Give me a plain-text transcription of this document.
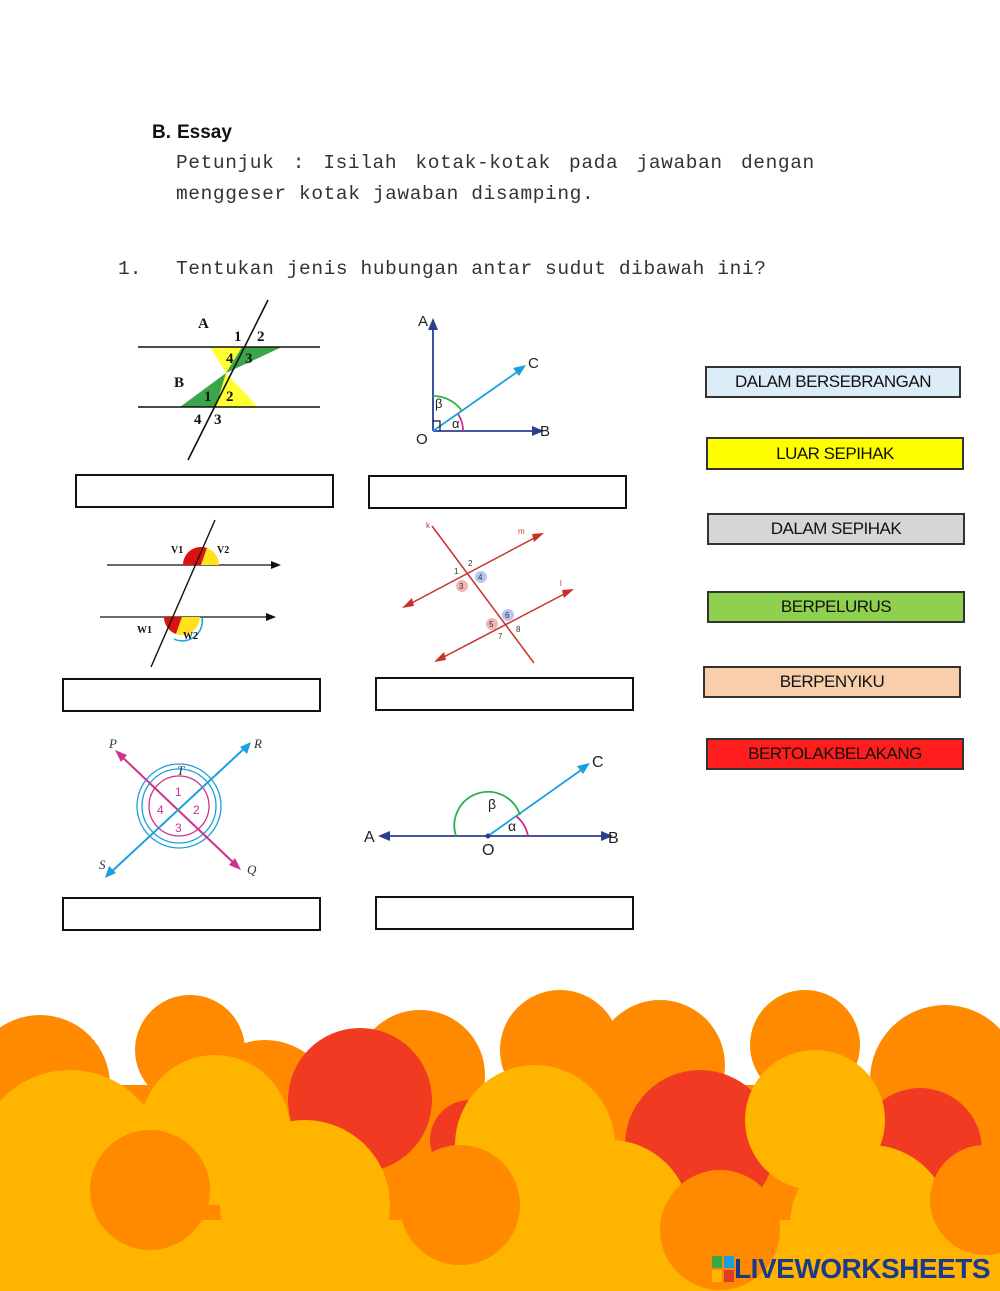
B. Essay
Petunjuk : Isilah kotak-kotak pada jawaban dengan
menggeser kotak jawaban disamping.
1. Tentukan jenis hubungan antar sudut dibawah ini?
A
B
1 2
4 3
1 2
4 3
A
C
B
O
β
α
V1	V2
W1
W2
k
m
l
1
2
3
4
5
6
7
8
P	R
T
S	Q
1
2
3
4
A	B
C
O
β
α
DALAM BERSEBRANGAN
LUAR SEPIHAK
DALAM SEPIHAK
BERPELURUS
BERPENYIKU
BERTOLAKBELAKANG
LIVEWORKSHEETS
